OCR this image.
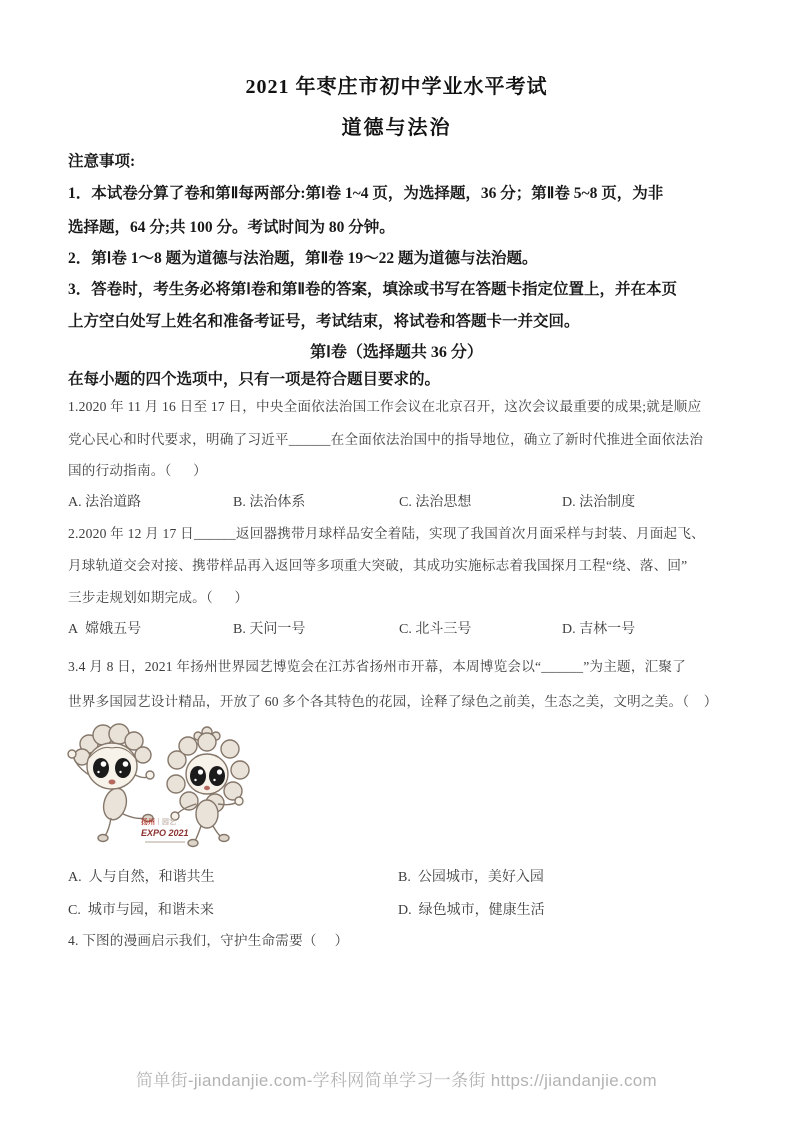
2021 年枣庄市初中学业水平考试
道德与法治
注意事项:
1．本试卷分算了卷和第Ⅱ每两部分:第Ⅰ卷 1~4 页，为选择题，36 分；第Ⅱ卷 5~8 页，为非
选择题，64 分;共 100 分。考试时间为 80 分钟。
2．第Ⅰ卷 1～8 题为道德与法治题，第Ⅱ卷 19～22 题为道德与法治题。
3．答卷时，考生务必将第Ⅰ卷和第Ⅱ卷的答案，填涂或书写在答题卡指定位置上，并在本页
上方空白处写上姓名和准备考证号，考试结束，将试卷和答题卡一并交回。
第Ⅰ卷（选择题共 36 分）
在每小题的四个选项中，只有一项是符合题目要求的。
1.2020 年 11 月 16 日至 17 日，中央全面依法治国工作会议在北京召开，这次会议最重要的成果;就是顺应
党心民心和时代要求，明确了习近平______在全面依法治国中的指导地位，确立了新时代推进全面依法治
国的行动指南。（      ）
A. 法治道路	B. 法治体系	C. 法治思想	D. 法治制度
2.2020 年 12 月 17 日______返回器携带月球样品安全着陆，实现了我国首次月面采样与封装、月面起飞、
月球轨道交会对接、携带样品再入返回等多项重大突破，其成功实施标志着我国探月工程“绕、落、回”
三步走规划如期完成。（      ）
A  嫦娥五号	B. 天问一号	C. 北斗三号	D. 吉林一号
3.4 月 8 日，2021 年扬州世界园艺博览会在江苏省扬州市开幕，本周博览会以“______”为主题，汇聚了
世界多国园艺设计精品，开放了 60 多个各其特色的花园，诠释了绿色之前美，生态之美，文明之美。（    ）
扬州｜园艺
EXPO 2021
A.  人与自然，和谐共生	B.  公园城市，美好入园
C.  城市与园，和谐未来	D.  绿色城市，健康生活
4. 下图的漫画启示我们，守护生命需要（     ）
简单街-jiandanjie.com-学科网简单学习一条街 https://jiandanjie.com
